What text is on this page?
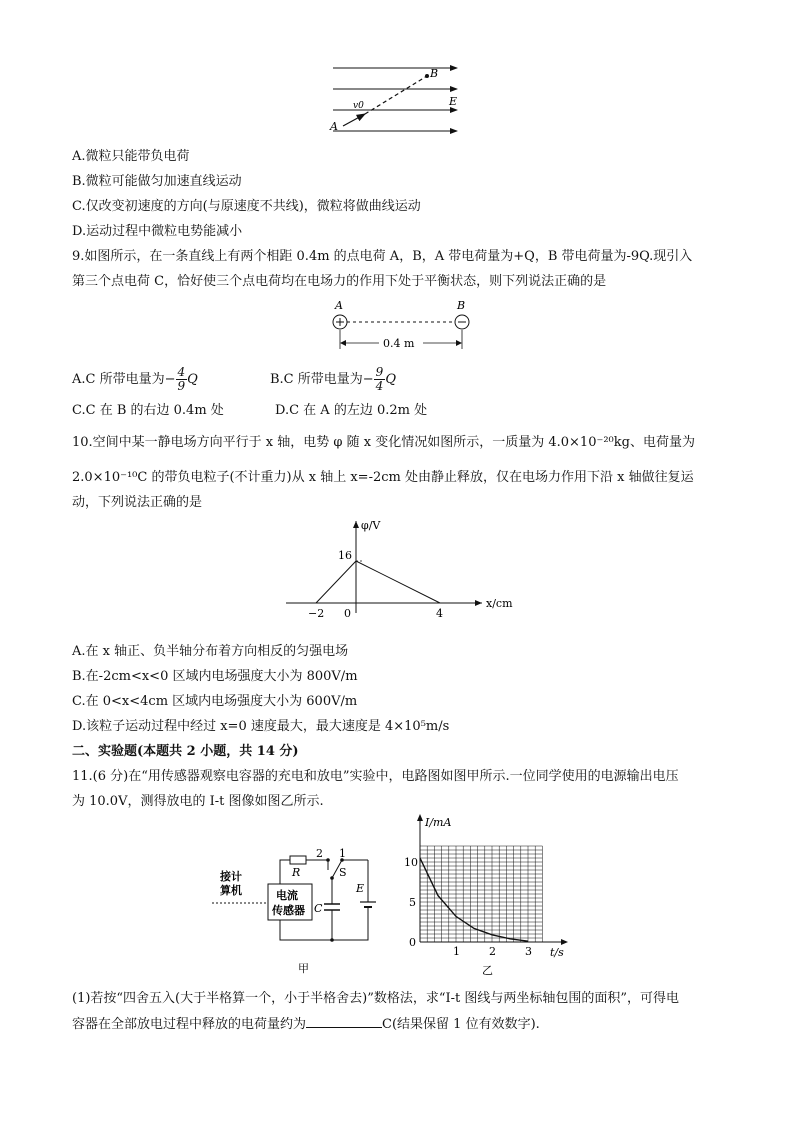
B
E
A
v0
A.微粒只能带负电荷
B.微粒可能做匀加速直线运动
C.仅改变初速度的方向(与原速度不共线)，微粒将做曲线运动
D.运动过程中微粒电势能减小
9.如图所示，在一条直线上有两个相距 0.4m 的点电荷 A，B，A 带电荷量为+Q，B 带电荷量为-9Q.现引入
第三个点电荷 C，恰好使三个点电荷均在电场力的作用下处于平衡状态，则下列说法正确的是
A	B
0.4 m
A.C 所带电量为− $\frac{4}{9}$ Q	B.C 所带电量为− $\frac{9}{4}$ Q
C.C 在 B 的右边 0.4m 处	D.C 在 A 的左边 0.2m 处
10.空间中某一静电场方向平行于 x 轴，电势 φ 随 x 变化情况如图所示，一质量为 4.0×10⁻²⁰kg、电荷量为
2.0×10⁻¹⁰C 的带负电粒子(不计重力)从 x 轴上 x=-2cm 处由静止释放，仅在电场力作用下沿 x 轴做往复运
动，下列说法正确的是
φ/V
x/cm
16
−2 0	4
A.在 x 轴正、负半轴分布着方向相反的匀强电场
B.在-2cm<x<0 区域内电场强度大小为 800V/m
C.在 0<x<4cm 区域内电场强度大小为 600V/m
D.该粒子运动过程中经过 x=0 速度最大，最大速度是 4×10⁵m/s
二、实验题(本题共 2 小题，共 14 分)
11.(6 分)在“用传感器观察电容器的充电和放电”实验中，电路图如图甲所示.一位同学使用的电源输出电压
为 10.0V，测得放电的 I-t 图像如图乙所示.
接计
算机	电流
传感器
R
2 1
S
C
E
甲
I/mA
t/s
10
5
0
1	2	3
乙
(1)若按“四舍五入(大于半格算一个，小于半格舍去)”数格法，求“I-t 图线与两坐标轴包围的面积”，可得电
容器在全部放电过程中释放的电荷量约为	C(结果保留 1 位有效数字).
